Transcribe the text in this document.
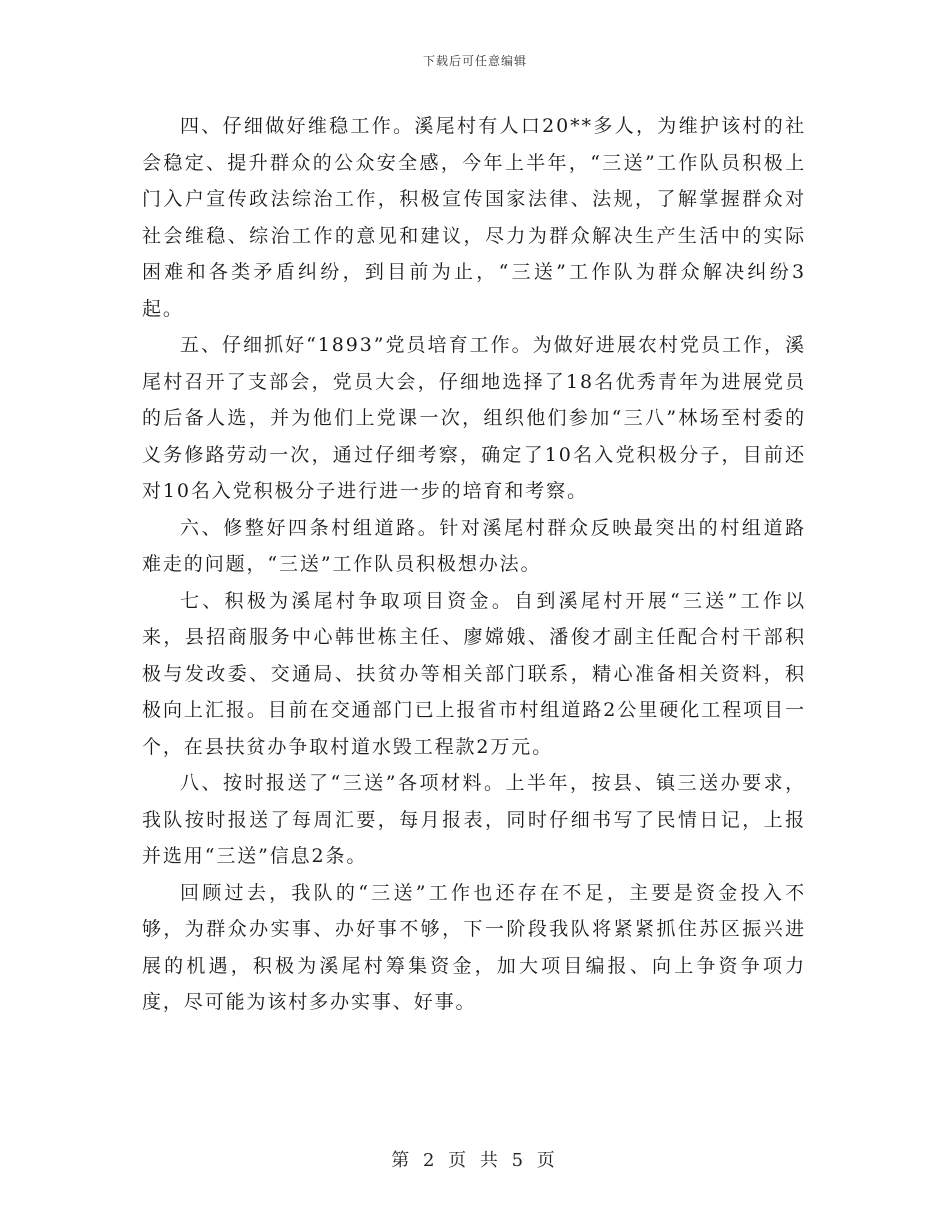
下载后可任意编辑

四、仔细做好维稳工作。溪尾村有人口20**多人，为维护该村的社会稳定、提升群众的公众安全感，今年上半年，“三送”工作队员积极上门入户宣传政法综治工作，积极宣传国家法律、法规，了解掌握群众对社会维稳、综治工作的意见和建议，尽力为群众解决生产生活中的实际困难和各类矛盾纠纷，到目前为止，“三送”工作队为群众解决纠纷3起。

五、仔细抓好“1893”党员培育工作。为做好进展农村党员工作，溪尾村召开了支部会，党员大会，仔细地选择了18名优秀青年为进展党员的后备人选，并为他们上党课一次，组织他们参加“三八”林场至村委的义务修路劳动一次，通过仔细考察，确定了10名入党积极分子，目前还对10名入党积极分子进行进一步的培育和考察。

六、修整好四条村组道路。针对溪尾村群众反映最突出的村组道路难走的问题，“三送”工作队员积极想办法。

七、积极为溪尾村争取项目资金。自到溪尾村开展“三送”工作以来，县招商服务中心韩世栋主任、廖嫦娥、潘俊才副主任配合村干部积极与发改委、交通局、扶贫办等相关部门联系，精心准备相关资料，积极向上汇报。目前在交通部门已上报省市村组道路2公里硬化工程项目一个，在县扶贫办争取村道水毁工程款2万元。

八、按时报送了“三送”各项材料。上半年，按县、镇三送办要求，我队按时报送了每周汇要，每月报表，同时仔细书写了民情日记，上报并选用“三送”信息2条。

回顾过去，我队的“三送”工作也还存在不足，主要是资金投入不够，为群众办实事、办好事不够，下一阶段我队将紧紧抓住苏区振兴进展的机遇，积极为溪尾村筹集资金，加大项目编报、向上争资争项力度，尽可能为该村多办实事、好事。

第 2 页 共 5 页
